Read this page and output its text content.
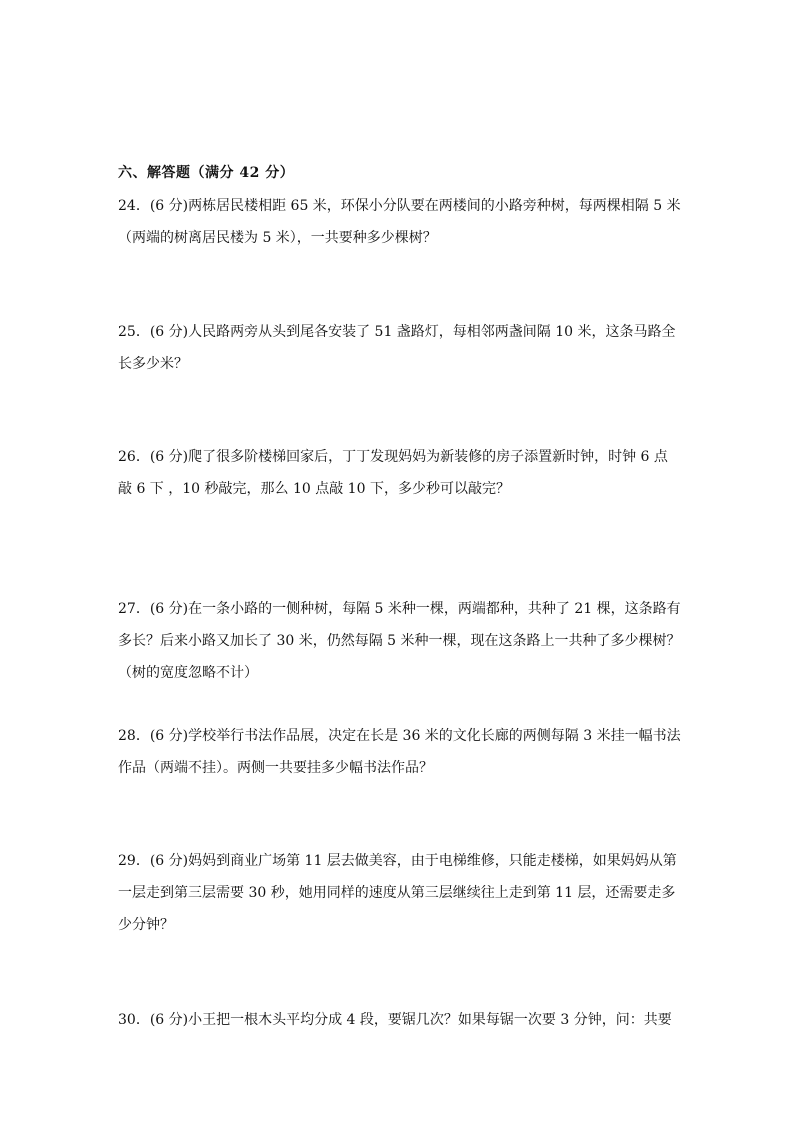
六、解答题（满分 42 分）

24．(6 分)两栋居民楼相距 65 米，环保小分队要在两楼间的小路旁种树，每两棵相隔 5 米

（两端的树离居民楼为 5 米），一共要种多少棵树？

25．(6 分)人民路两旁从头到尾各安装了 51 盏路灯，每相邻两盏间隔 10 米，这条马路全

长多少米？

26．(6 分)爬了很多阶楼梯回家后，丁丁发现妈妈为新装修的房子添置新时钟，时钟 6 点

敲 6 下 ，10 秒敲完，那么 10 点敲 10 下，多少秒可以敲完？

27．(6 分)在一条小路的一侧种树，每隔 5 米种一棵，两端都种，共种了 21 棵，这条路有

多长？后来小路又加长了 30 米，仍然每隔 5 米种一棵，现在这条路上一共种了多少棵树？

（树的宽度忽略不计）

28．(6 分)学校举行书法作品展，决定在长是 36 米的文化长廊的两侧每隔 3 米挂一幅书法

作品（两端不挂）。两侧一共要挂多少幅书法作品？

29．(6 分)妈妈到商业广场第 11 层去做美容，由于电梯维修，只能走楼梯，如果妈妈从第

一层走到第三层需要 30 秒，她用同样的速度从第三层继续往上走到第 11 层，还需要走多

少分钟？

30．(6 分)小王把一根木头平均分成 4 段，要锯几次？如果每锯一次要 3 分钟，问：共要
